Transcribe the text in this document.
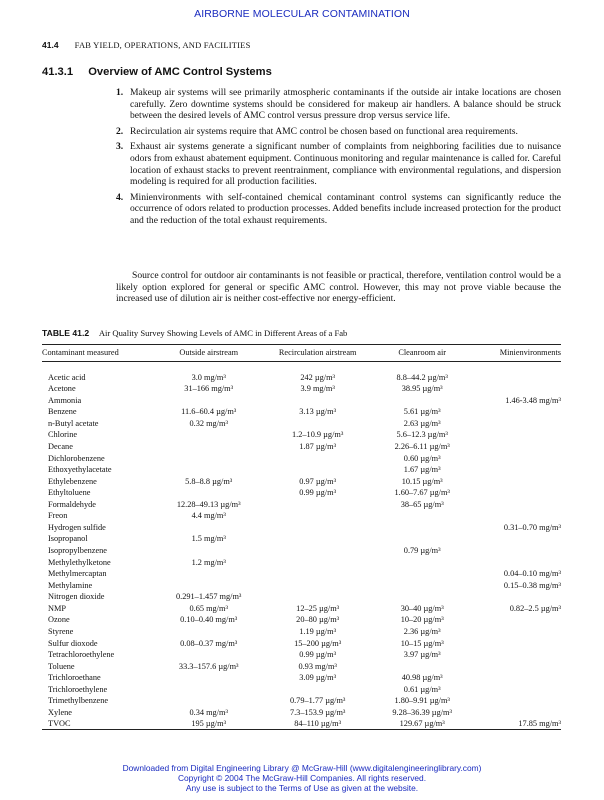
AIRBORNE MOLECULAR CONTAMINATION
41.4 FAB YIELD, OPERATIONS, AND FACILITIES
41.3.1 Overview of AMC Control Systems
1. Makeup air systems will see primarily atmospheric contaminants if the outside air intake locations are chosen carefully. Zero downtime systems should be considered for makeup air handlers. A balance should be struck between the desired levels of AMC control versus pressure drop versus service life.
2. Recirculation air systems require that AMC control be chosen based on functional area requirements.
3. Exhaust air systems generate a significant number of complaints from neighboring facilities due to nuisance odors from exhaust abatement equipment. Continuous monitoring and regular maintenance is called for. Careful location of exhaust stacks to prevent reentrainment, compliance with environmental regulations, and dispersion modeling is required for all production facilities.
4. Minienvironments with self-contained chemical contaminant control systems can significantly reduce the occurrence of odors related to production processes. Added benefits include increased protection for the product and the reduction of the total exhaust requirements.
Source control for outdoor air contaminants is not feasible or practical, therefore, ventilation control would be a likely option explored for general or specific AMC control. However, this may not prove viable because the increased use of dilution air is neither cost-effective nor energy-efficient.
TABLE 41.2 Air Quality Survey Showing Levels of AMC in Different Areas of a Fab
Contaminant measured	Outside airstream	Recirculation airstream	Cleanroom air	Minienvironments

Acetic acid	3.0 mg/m³	242 µg/m³	8.8–44.2 µg/m³	
Acetone	31–166 mg/m³	3.9 mg/m³	38.95 µg/m³	
Ammonia				1.46-3.48 mg/m³
Benzene	11.6–60.4 µg/m³	3.13 µg/m³	5.61 µg/m³	
n-Butyl acetate	0.32 mg/m³		2.63 µg/m³	
Chlorine		1.2–10.9 µg/m³	5.6–12.3 µg/m³	
Decane		1.87 µg/m³	2.26–6.11 µg/m³	
Dichlorobenzene			0.60 µg/m³	
Ethoxyethylacetate			1.67 µg/m³	
Ethylebenzene	5.8–8.8 µg/m³	0.97 µg/m³	10.15 µg/m³	
Ethyltoluene		0.99 µg/m³	1.60–7.67 µg/m³	
Formaldehyde	12.28–49.13 µg/m³		38–65 µg/m³	
Freon	4.4 mg/m³			
Hydrogen sulfide				0.31–0.70 mg/m³
Isopropanol	1.5 mg/m³			
Isopropylbenzene			0.79 µg/m³	
Methylethylketone	1.2 mg/m³			
Methylmercaptan				0.04–0.10 mg/m³
Methylamine				0.15–0.38 mg/m³
Nitrogen dioxide	0.291–1.457 mg/m³			
NMP	0.65 mg/m³	12–25 µg/m³	30–40 µg/m³	0.82–2.5 µg/m³
Ozone	0.10–0.40 mg/m³	20–80 µg/m³	10–20 µg/m³	
Styrene		1.19 µg/m³	2.36 µg/m³	
Sulfur dioxode	0.08–0.37 mg/m³	15–200 µg/m³	10–15 µg/m³	
Tetrachloroethylene		0.99 µg/m³	3.97 µg/m³	
Toluene	33.3–157.6 µg/m³	0.93 mg/m³		
Trichloroethane		3.09 µg/m³	40.98 µg/m³	
Trichloroethylene			0.61 µg/m³	
Trimethylbenzene		0.79–1.77 µg/m³	1.80–9.91 µg/m³	
Xylene	0.34 mg/m³	7.3–153.9 µg/m³	9.28–36.39 µg/m³	
TVOC	195 µg/m³	84–110 µg/m³	129.67 µg/m³	17.85 mg/m³
Downloaded from Digital Engineering Library @ McGraw-Hill (www.digitalengineeringlibrary.com)
Copyright © 2004 The McGraw-Hill Companies. All rights reserved.
Any use is subject to the Terms of Use as given at the website.
